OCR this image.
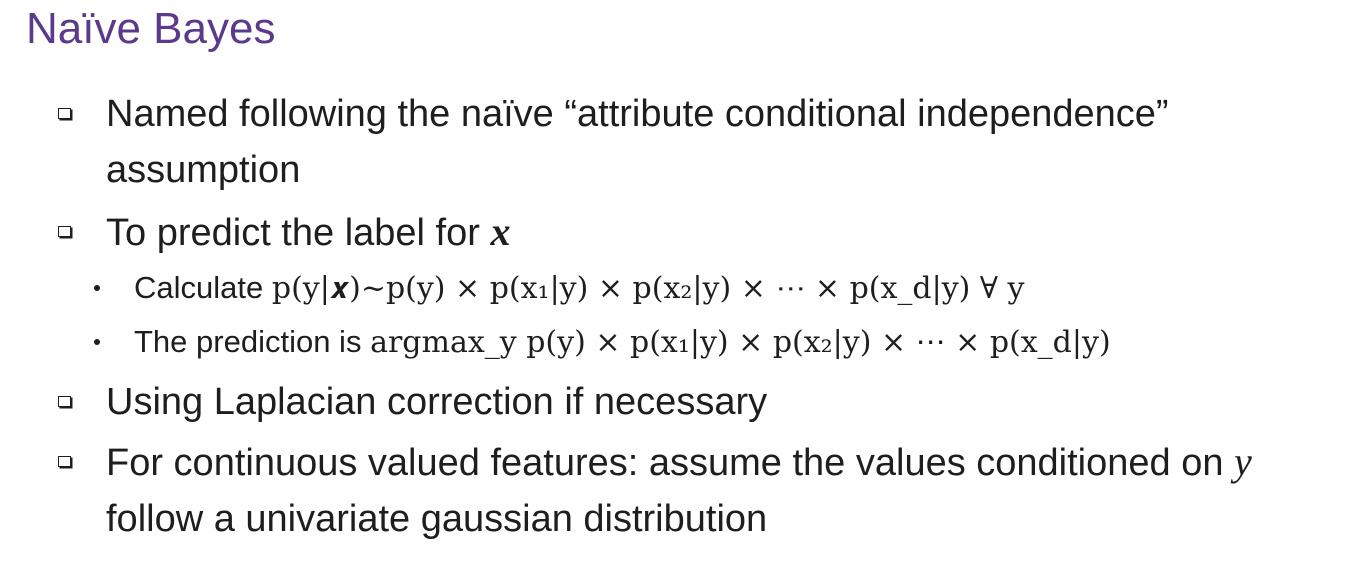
Naïve Bayes
Named following the naïve “attribute conditional independence” assumption
To predict the label for x
Calculate p(y|𝒙)~p(y) × p(x₁|y) × p(x₂|y) × ⋯ × p(x_d|y) ∀ y
The prediction is argmax_y p(y) × p(x₁|y) × p(x₂|y) × ⋯ × p(x_d|y)
Using Laplacian correction if necessary
For continuous valued features: assume the values conditioned on y follow a univariate gaussian distribution
